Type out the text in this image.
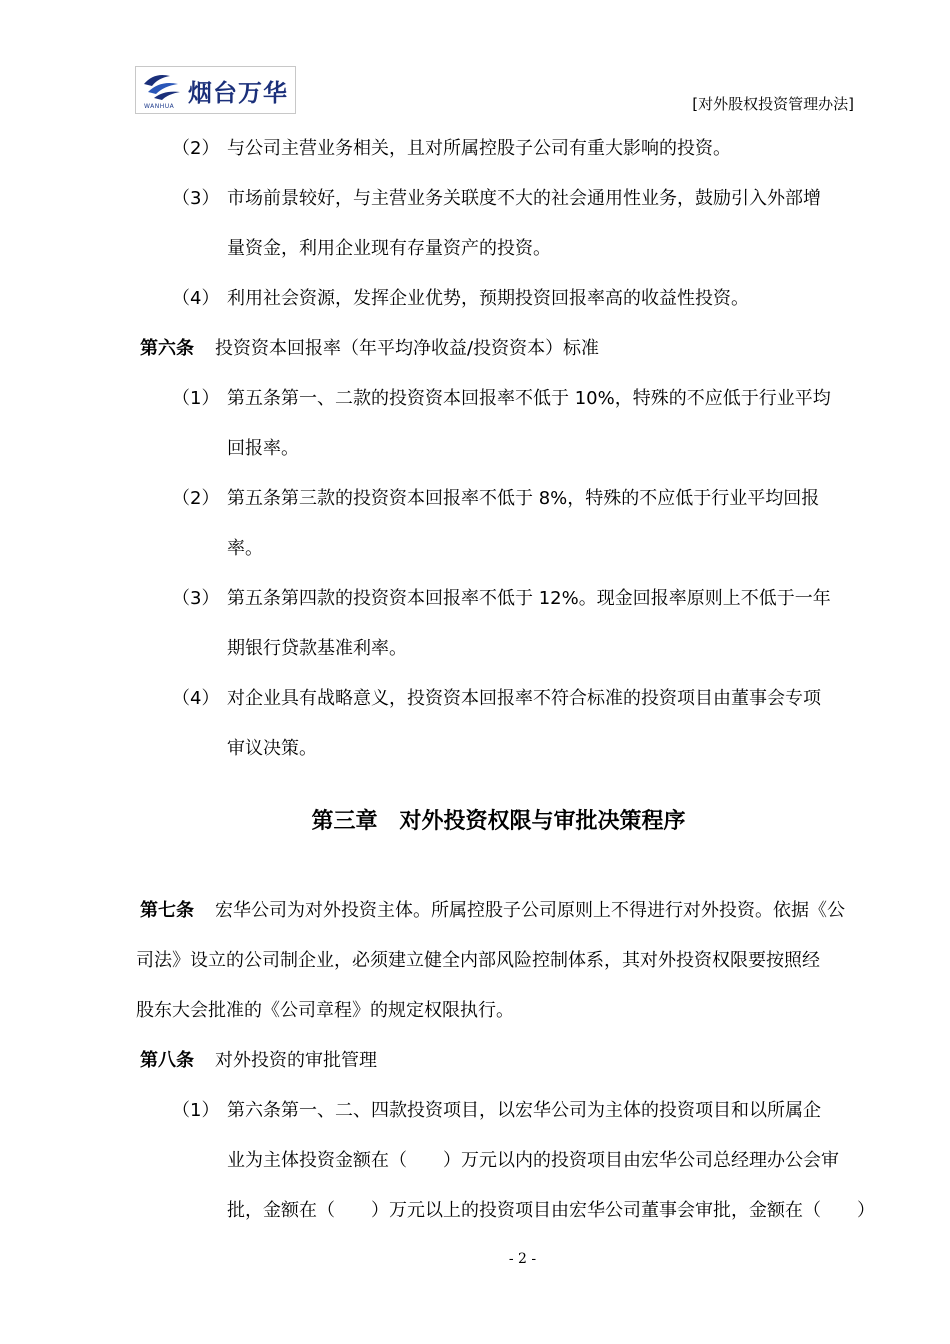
WANHUA 烟台万华	[对外股权投资管理办法]
（2） 与公司主营业务相关，且对所属控股子公司有重大影响的投资。
（3） 市场前景较好，与主营业务关联度不大的社会通用性业务，鼓励引入外部增
量资金，利用企业现有存量资产的投资。
（4） 利用社会资源，发挥企业优势，预期投资回报率高的收益性投资。
第六条 投资资本回报率（年平均净收益/投资资本）标准
（1） 第五条第一、二款的投资资本回报率不低于 10%，特殊的不应低于行业平均
回报率。
（2） 第五条第三款的投资资本回报率不低于 8%，特殊的不应低于行业平均回报
率。
（3） 第五条第四款的投资资本回报率不低于 12%。现金回报率原则上不低于一年
期银行贷款基准利率。
（4） 对企业具有战略意义，投资资本回报率不符合标准的投资项目由董事会专项
审议决策。
第三章　对外投资权限与审批决策程序
第七条 宏华公司为对外投资主体。所属控股子公司原则上不得进行对外投资。依据《公
司法》设立的公司制企业，必须建立健全内部风险控制体系，其对外投资权限要按照经
股东大会批准的《公司章程》的规定权限执行。
第八条 对外投资的审批管理
（1） 第六条第一、二、四款投资项目，以宏华公司为主体的投资项目和以所属企
业为主体投资金额在（　　）万元以内的投资项目由宏华公司总经理办公会审
批，金额在（　　）万元以上的投资项目由宏华公司董事会审批，金额在（　　）
- 2 -
